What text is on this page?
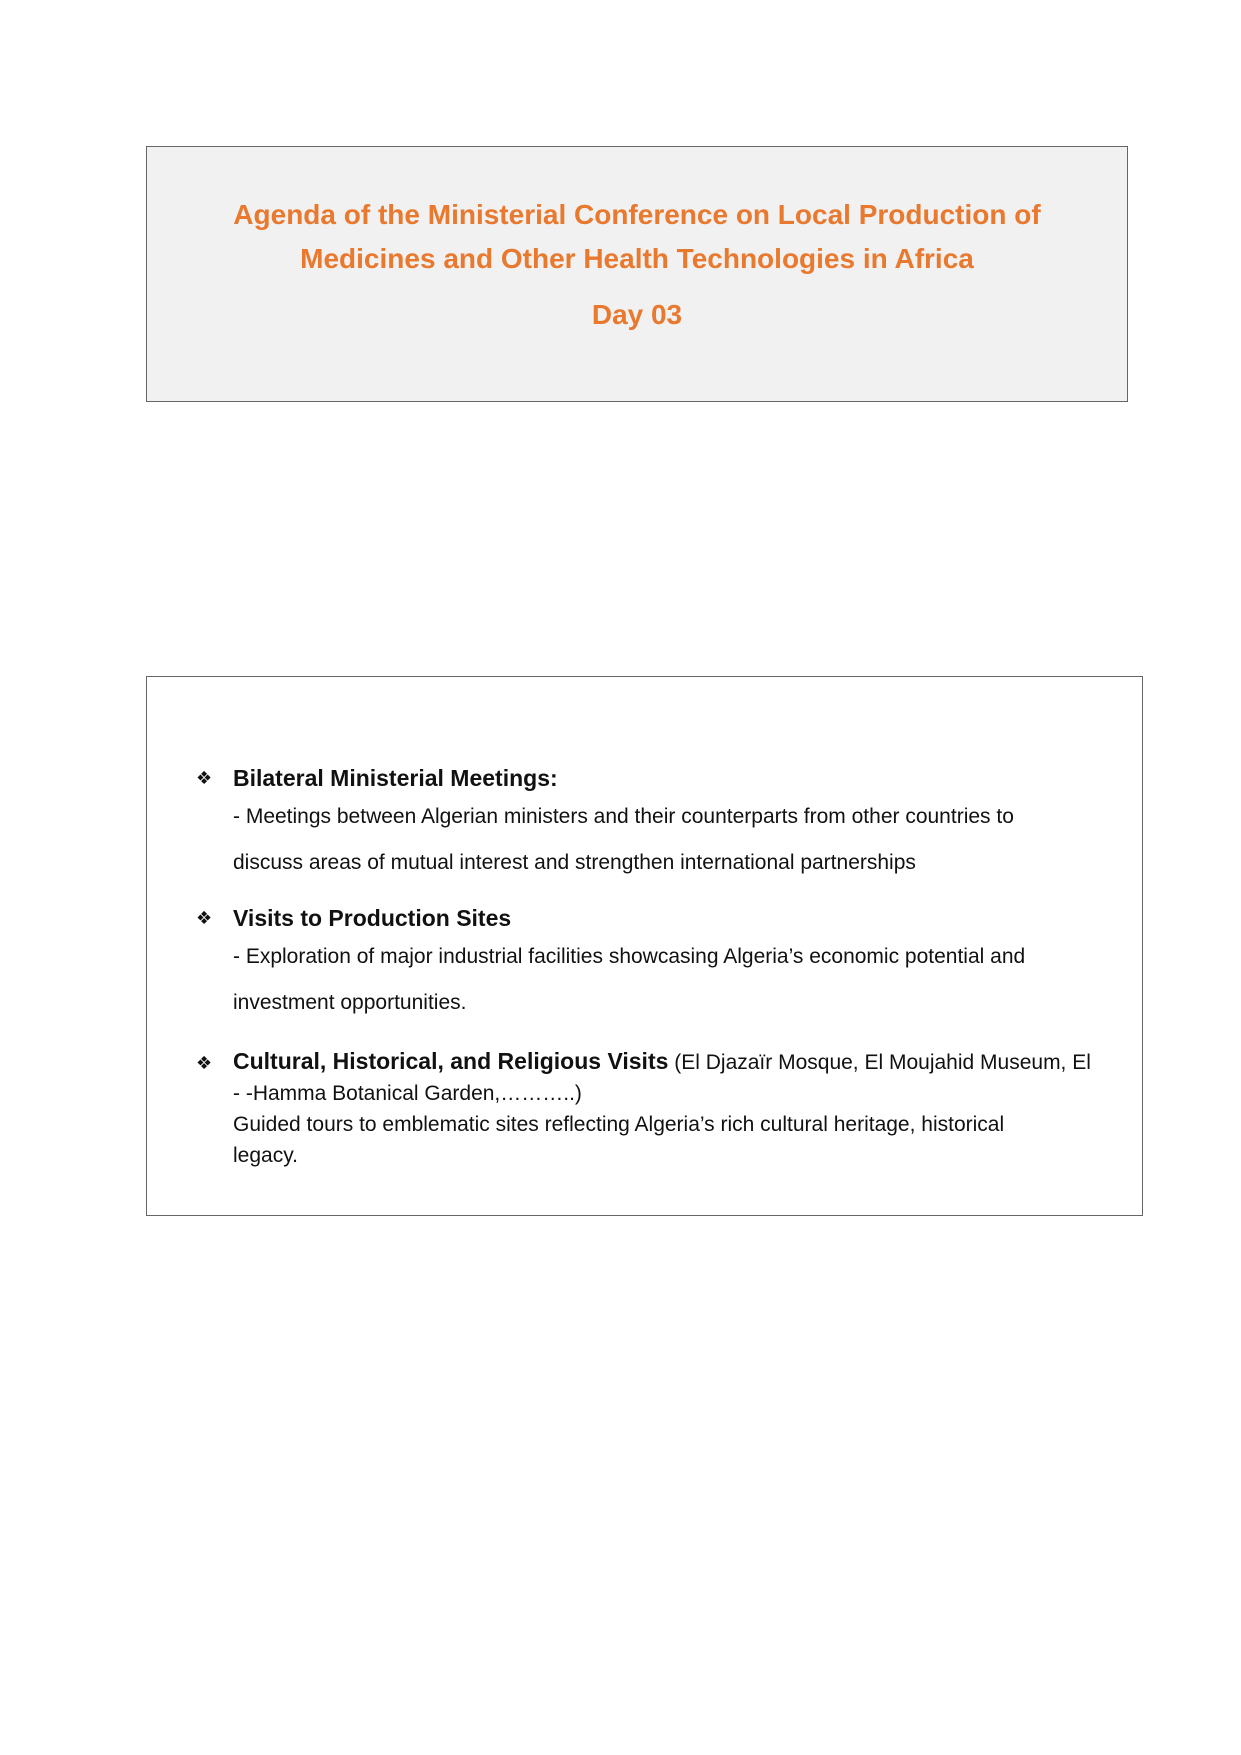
Agenda of the Ministerial Conference on Local Production of

Medicines and Other Health Technologies in Africa

Day 03

❖ Bilateral Ministerial Meetings:
- Meetings between Algerian ministers and their counterparts from other countries to
discuss areas of mutual interest and strengthen international partnerships
❖ Visits to Production Sites
- Exploration of major industrial facilities showcasing Algeria’s economic potential and
investment opportunities.
❖ Cultural, Historical, and Religious Visits (El Djazaïr Mosque, El Moujahid Museum, El
- -Hamma Botanical Garden,………..)
Guided tours to emblematic sites reflecting Algeria’s rich cultural heritage, historical
legacy.
